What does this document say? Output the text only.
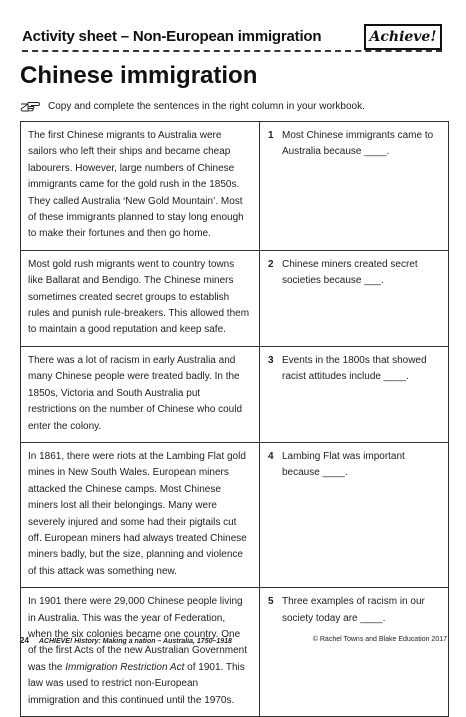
Activity sheet – Non-European immigration	Achieve!
Chinese immigration
Copy and complete the sentences in the right column in your workbook.
The first Chinese migrants to Australia were sailors who left their ships and became cheap labourers. However, large numbers of Chinese immigrants came for the gold rush in the 1850s. They called Australia ‘New Gold Mountain’. Most of these immigrants planned to stay long enough to make their fortunes and then go home.
1 Most Chinese immigrants came to Australia because ____.
Most gold rush migrants went to country towns like Ballarat and Bendigo. The Chinese miners sometimes created secret groups to establish rules and punish rule-breakers. This allowed them to maintain a good reputation and keep safe.
2 Chinese miners created secret societies because ___.
There was a lot of racism in early Australia and many Chinese people were treated badly. In the 1850s, Victoria and South Australia put restrictions on the number of Chinese who could enter the colony.
3 Events in the 1800s that showed racist attitudes include ____.
In 1861, there were riots at the Lambing Flat gold mines in New South Wales. European miners attacked the Chinese camps. Most Chinese miners lost all their belongings. Many were severely injured and some had their pigtails cut off. European miners had always treated Chinese miners badly, but the size, planning and violence of this attack was something new.
4 Lambing Flat was important because ____.
In 1901 there were 29,000 Chinese people living in Australia. This was the year of Federation, when the six colonies became one country. One of the first Acts of the new Australian Government was the Immigration Restriction Act of 1901. This law was used to restrict non-European immigration and this continued until the 1970s.
5 Three examples of racism in our society today are ____.
24 ACHIEVE! History: Making a nation – Australia, 1750–1918	© Rachel Towns and Blake Education 2017
